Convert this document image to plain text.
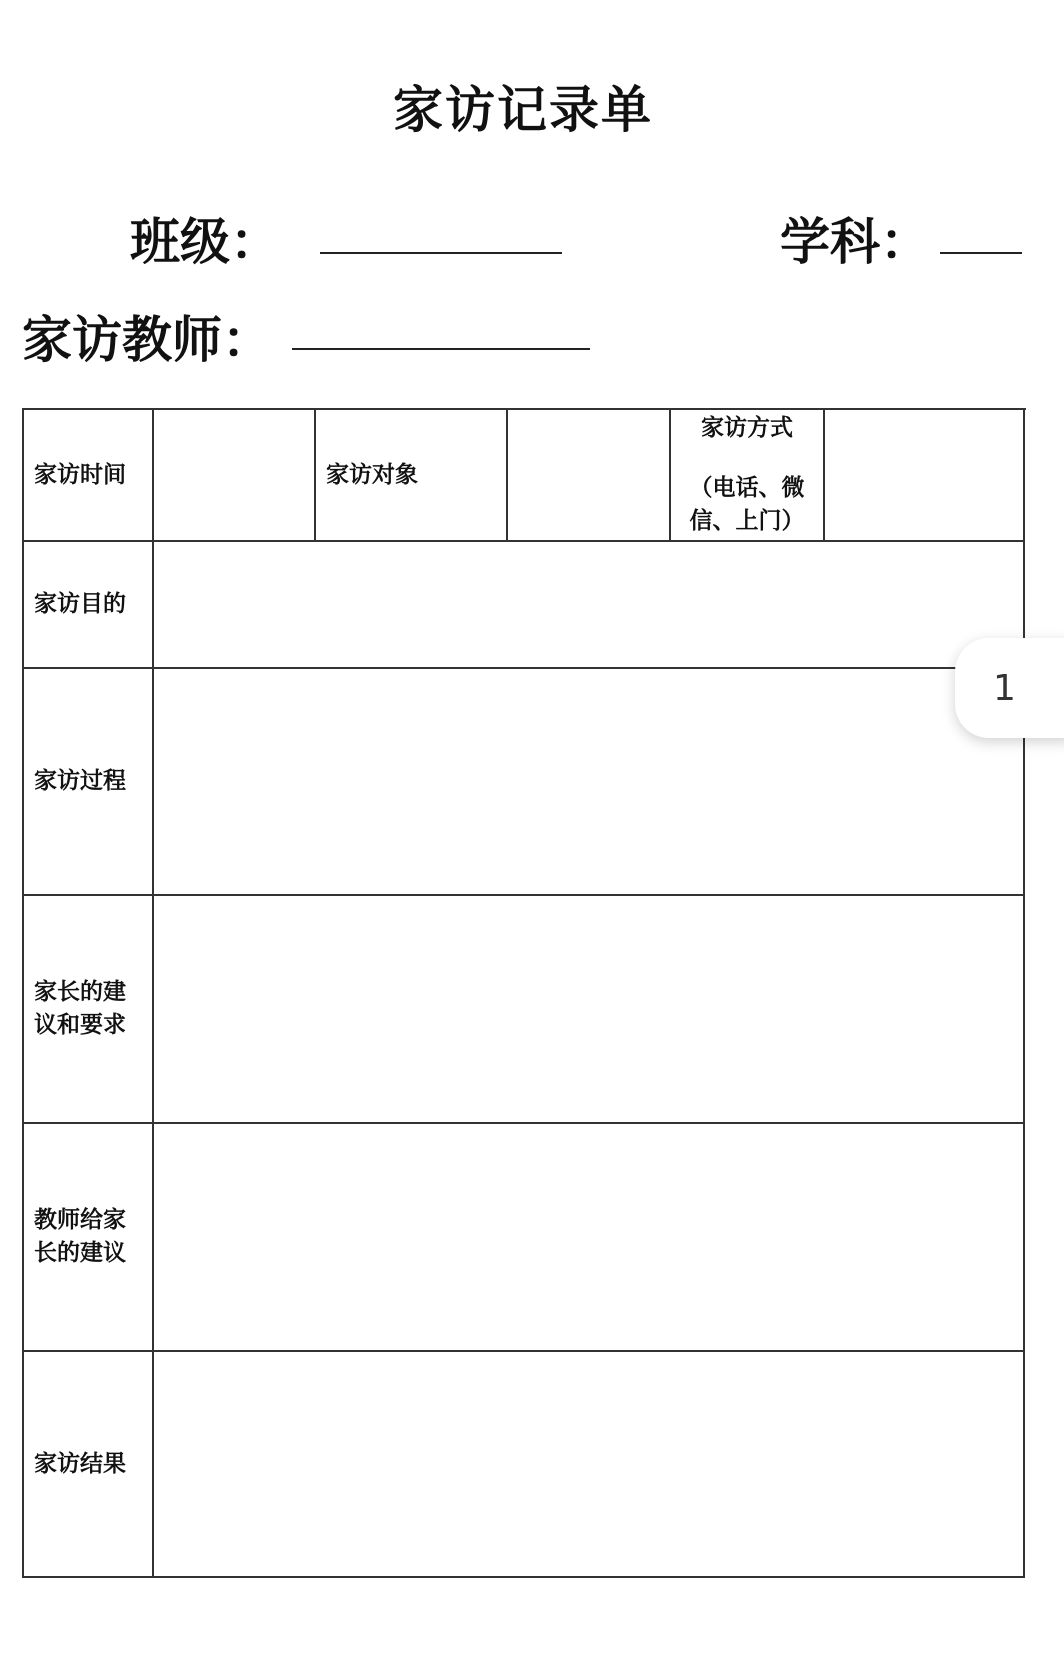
家访记录单
班级：	学科：
家访教师：
家访时间	家访对象
家访方式
（电话、微信、上门）
家访目的
家访过程
家长的建议和要求
教师给家长的建议
家访结果
1
